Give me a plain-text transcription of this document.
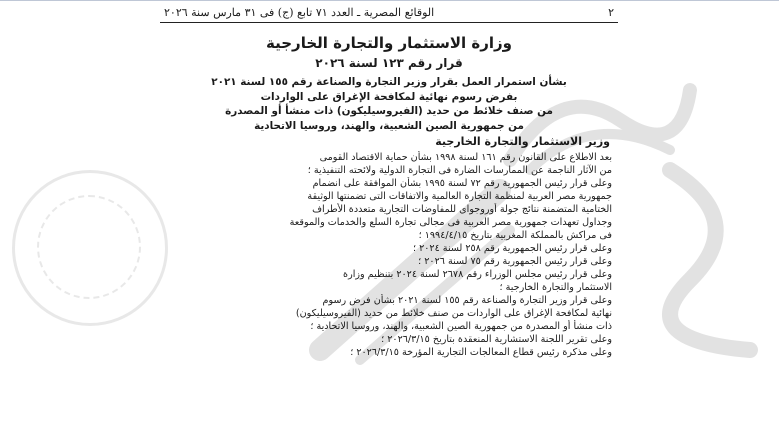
٢
الوقائع المصرية ـ العدد ٧١ تابع (ج) فى ٣١ مارس سنة ٢٠٢٦
وزارة الاستثمار والتجارة الخارجية
قرار رقم ١٢٣ لسنة ٢٠٢٦
بشأن استمرار العمل بقرار وزير التجارة والصناعة رقم ١٥٥ لسنة ٢٠٢١
بفرض رسوم نهائية لمكافحة الإغراق على الواردات
من صنف خلائط من حديد (الفيروسيليكون) ذات منشأ أو المصدرة
من جمهورية الصين الشعبية، والهند، وروسيا الاتحادية
وزير الاستثمار والتجارة الخارجية
بعد الاطلاع على القانون رقم ١٦١ لسنة ١٩٩٨ بشأن حماية الاقتصاد القومى
من الآثار الناجمة عن الممارسات الضارة فى التجارة الدولية ولائحته التنفيذية ؛
وعلى قرار رئيس الجمهورية رقم ٧٢ لسنة ١٩٩٥ بشأن الموافقة على انضمام
جمهورية مصر العربية لمنظمة التجارة العالمية والاتفاقات التى تضمنتها الوثيقة
الختامية المتضمنة نتائج جولة أوروجواى للمفاوضات التجارية متعددة الأطراف
وجداول تعهدات جمهورية مصر العربية فى مجالى تجارة السلع والخدمات والموقعة
فى مراكش بالمملكة المغربية بتاريخ ١٩٩٤/٤/١٥ ؛
وعلى قرار رئيس الجمهورية رقم ٢٥٨ لسنة ٢٠٢٤ ؛
وعلى قرار رئيس الجمهورية رقم ٧٥ لسنة ٢٠٢٦ ؛
وعلى قرار رئيس مجلس الوزراء رقم ٢٦٧٨ لسنة ٢٠٢٤ بتنظيم وزارة
الاستثمار والتجارة الخارجية ؛
وعلى قرار وزير التجارة والصناعة رقم ١٥٥ لسنة ٢٠٢١ بشأن فرض رسوم
نهائية لمكافحة الإغراق على الواردات من صنف خلائط من حديد (الفيروسيليكون)
ذات منشأ أو المصدرة من جمهورية الصين الشعبية، والهند، وروسيا الاتحادية ؛
وعلى تقرير اللجنة الاستشارية المنعقدة بتاريخ ٢٠٢٦/٣/١٥ ؛
وعلى مذكرة رئيس قطاع المعالجات التجارية المؤرخة ٢٠٢٦/٣/١٥ ؛
